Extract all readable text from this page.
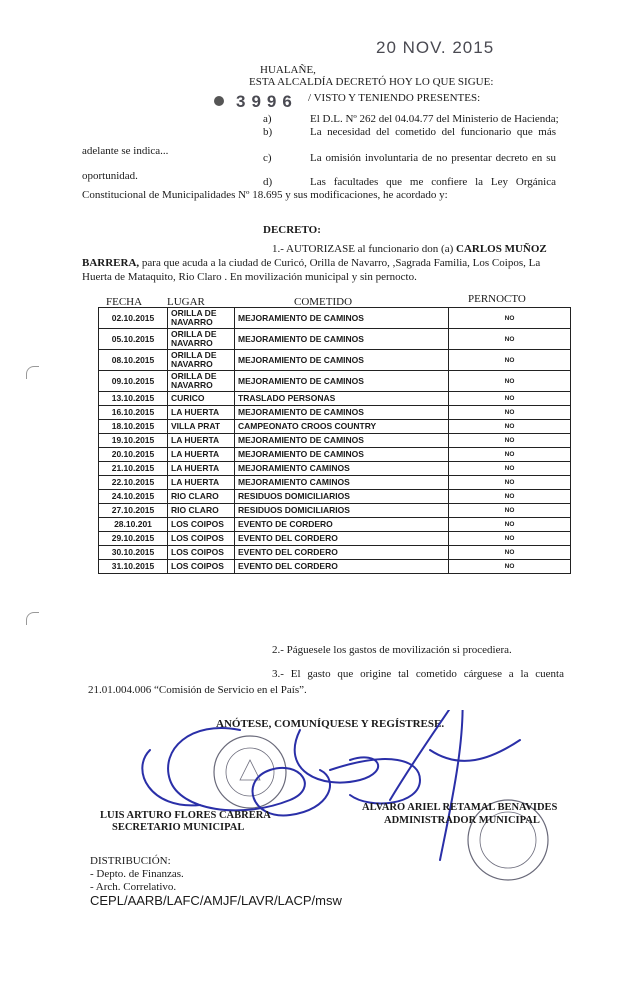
20 NOV. 2015
HUALAÑE,
ESTA ALCALDÍA DECRETÓ HOY LO QUE SIGUE:
3996 / VISTO Y TENIENDO PRESENTES:
a)	El D.L. Nº 262 del 04.04.77 del Ministerio de Hacienda;
b)	La necesidad del cometido del funcionario que más
adelante se indica...
c)	La omisión involuntaria de no presentar decreto en su
oportunidad.	d)	Las facultades que me confiere la Ley Orgánica
Constitucional de Municipalidades Nº 18.695 y sus modificaciones, he acordado y:
DECRETO:
1.- AUTORIZASE al funcionario don (a) CARLOS MUÑOZ
BARRERA, para que acuda a la ciudad de Curicó, Orilla de Navarro, ,Sagrada Familia, Los Coipos, La
Huerta de Mataquito, Rio Claro . En movilización municipal y sin pernocto.
FECHA LUGAR	COMETIDO	PERNOCTO
02.10.2015	ORILLA DE NAVARRO	MEJORAMIENTO DE CAMINOS	NO
05.10.2015	ORILLA DE NAVARRO	MEJORAMIENTO DE CAMINOS	NO
08.10.2015	ORILLA DE NAVARRO	MEJORAMIENTO DE CAMINOS	NO
09.10.2015	ORILLA DE NAVARRO	MEJORAMIENTO DE CAMINOS	NO
13.10.2015	CURICO	TRASLADO PERSONAS	NO
16.10.2015	LA HUERTA	MEJORAMIENTO DE CAMINOS	NO
18.10.2015	VILLA PRAT	CAMPEONATO CROOS COUNTRY	NO
19.10.2015	LA HUERTA	MEJORAMIENTO DE CAMINOS	NO
20.10.2015	LA HUERTA	MEJORAMIENTO DE CAMINOS	NO
21.10.2015	LA HUERTA	MEJORAMIENTO CAMINOS	NO
22.10.2015	LA HUERTA	MEJORAMIENTO CAMINOS	NO
24.10.2015	RIO CLARO	RESIDUOS DOMICILIARIOS	NO
27.10.2015	RIO CLARO	RESIDUOS DOMICILIARIOS	NO
28.10.201	LOS COIPOS	EVENTO DE CORDERO	NO
29.10.2015	LOS COIPOS	EVENTO DEL CORDERO	NO
30.10.2015	LOS COIPOS	EVENTO DEL CORDERO	NO
31.10.2015	LOS COIPOS	EVENTO DEL CORDERO	NO
2.- Páguesele los gastos de movilización si procediera.
3.- El gasto que origine tal cometido cárguese a la cuenta
21.01.004.006 “Comisión de Servicio en el País”.
ANÓTESE, COMUNÍQUESE Y REGÍSTRESE.
LUIS ARTURO FLORES CABRERA
SECRETARIO MUNICIPAL
ALVARO ARIEL RETAMAL BENAVIDES
ADMINISTRADOR MUNICIPAL
DISTRIBUCIÓN:
- Depto. de Finanzas.
- Arch. Correlativo.
CEPL/AARB/LAFC/AMJF/LAVR/LACP/msw
